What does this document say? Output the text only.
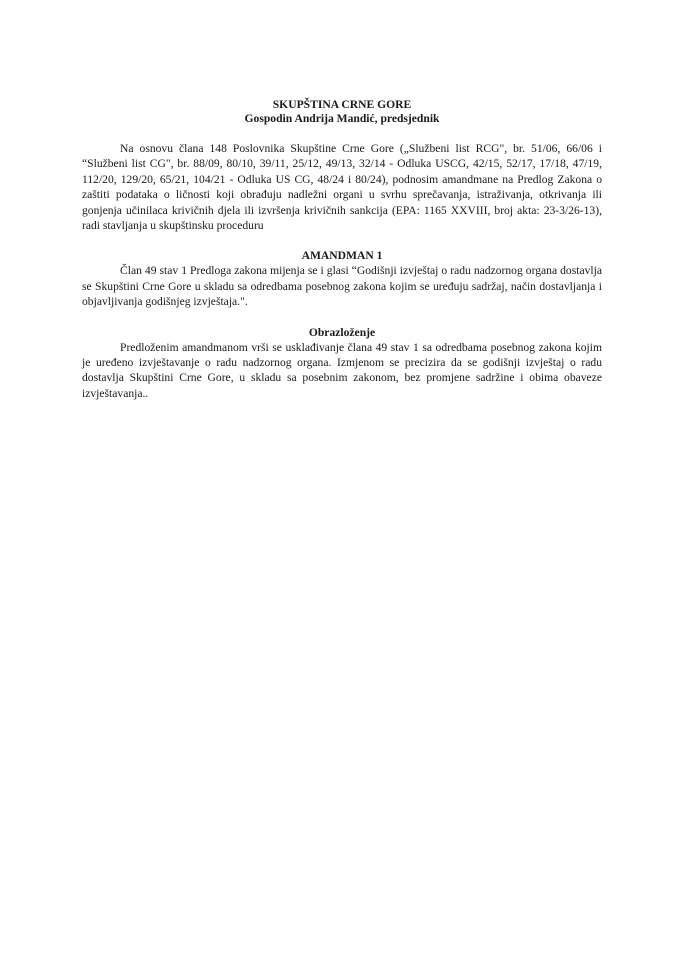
SKUPŠTINA CRNE GORE
Gospodin Andrija Mandić, predsjednik

Na osnovu člana 148 Poslovnika Skupštine Crne Gore („Službeni list RCG", br. 51/06, 66/06 i “Službeni list CG", br. 88/09, 80/10, 39/11, 25/12, 49/13, 32/14 - Odluka USCG, 42/15, 52/17, 17/18, 47/19, 112/20, 129/20, 65/21, 104/21 - Odluka US CG, 48/24 i 80/24), podnosim amandmane na Predlog Zakona o zaštiti podataka o ličnosti koji obrađuju nadležni organi u svrhu sprečavanja, istraživanja, otkrivanja ili gonjenja učinilaca krivičnih djela ili izvršenja krivičnih sankcija (EPA: 1165 XXVIII, broj akta: 23-3/26-13), radi stavljanja u skupštinsku proceduru

AMANDMAN 1

Član 49 stav 1 Predloga zakona mijenja se i glasi “Godišnji izvještaj o radu nadzornog organa dostavlja se Skupštini Crne Gore u skladu sa odredbama posebnog zakona kojim se uređuju sadržaj, način dostavljanja i objavljivanja godišnjeg izvještaja.".

Obrazloženje

Predloženim amandmanom vrši se usklađivanje člana 49 stav 1 sa odredbama posebnog zakona kojim je uređeno izvještavanje o radu nadzornog organa. Izmjenom se precizira da se godišnji izvještaj o radu dostavlja Skupštini Crne Gore, u skladu sa posebnim zakonom, bez promjene sadržine i obima obaveze izvještavanja..
